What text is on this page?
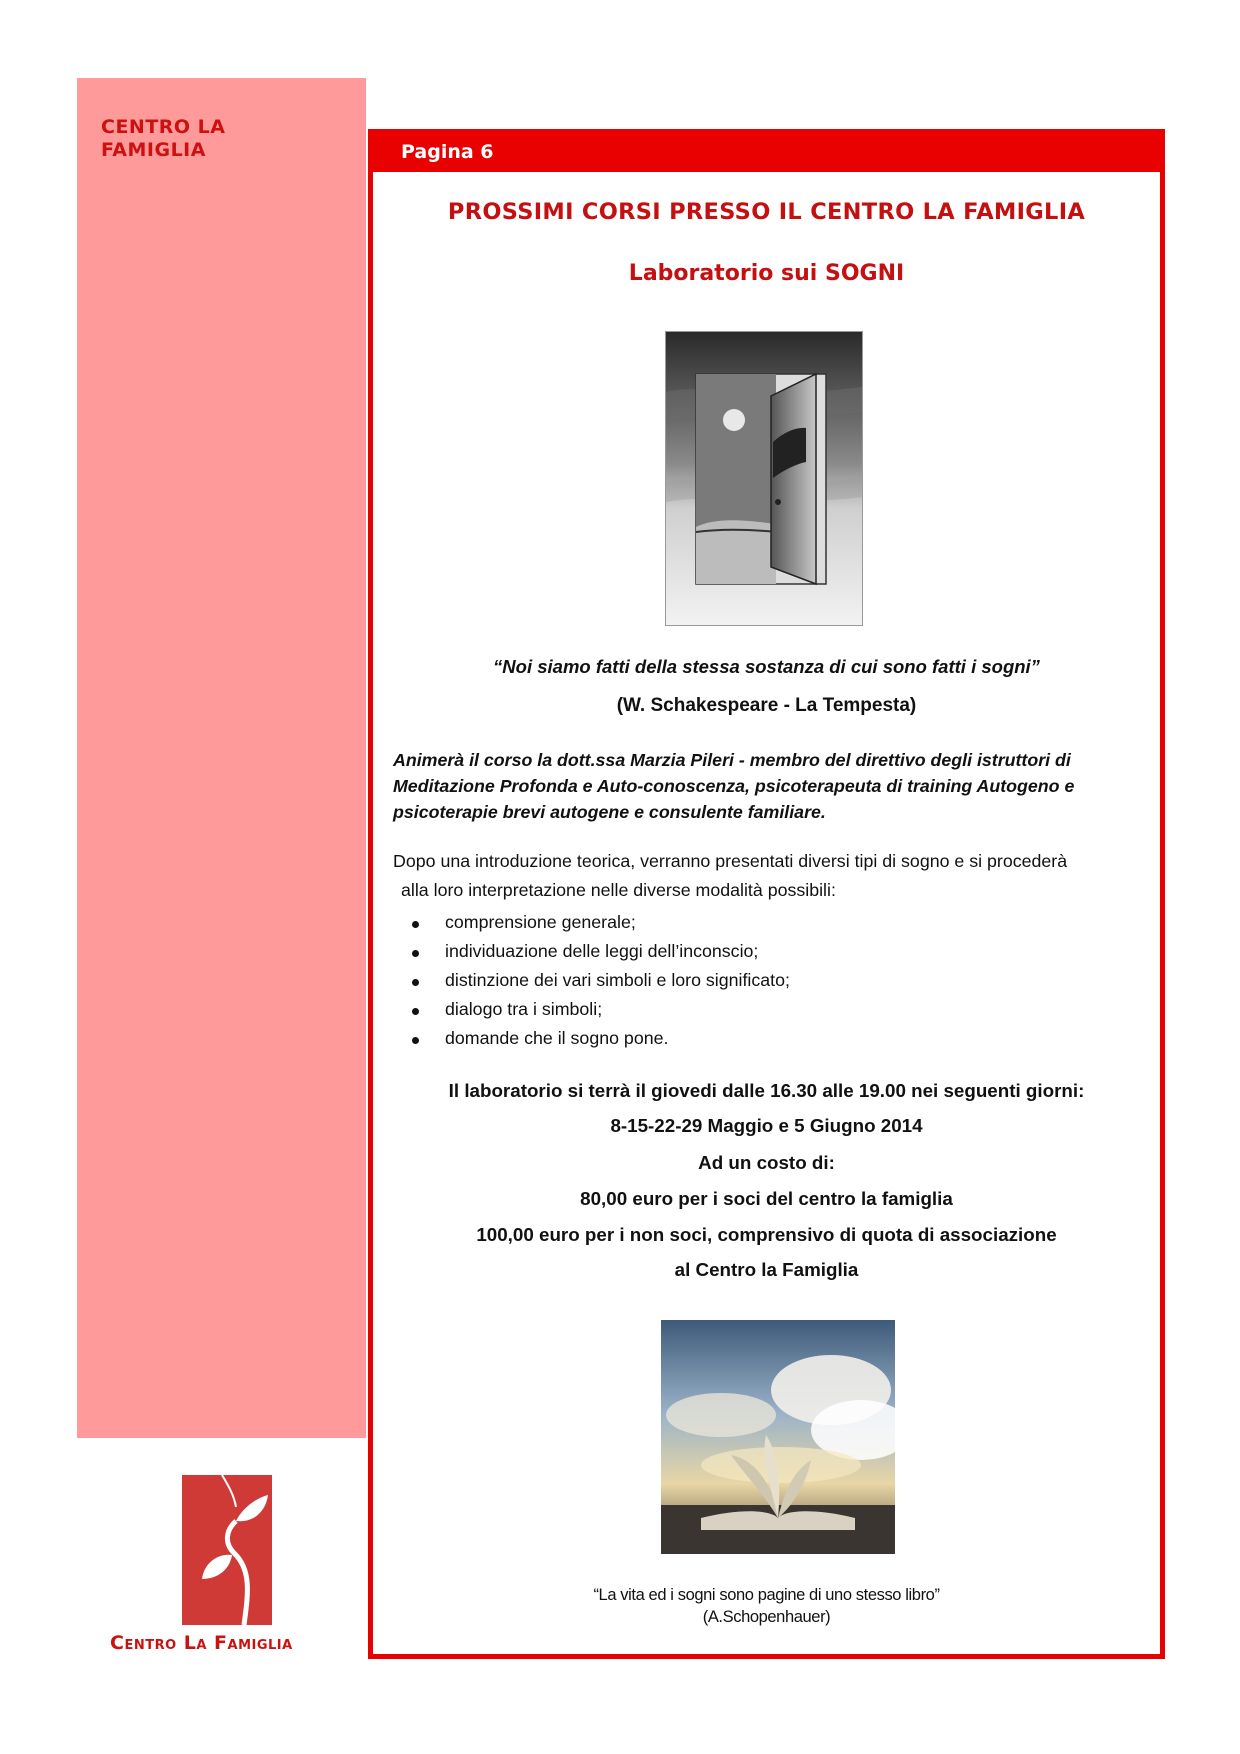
CENTRO LA
FAMIGLIA
Centro La Famiglia
Pagina 6
PROSSIMI CORSI PRESSO IL CENTRO LA FAMIGLIA
Laboratorio sui SOGNI
“Noi siamo fatti della stessa sostanza di cui sono fatti i sogni”
(W. Schakespeare - La Tempesta)
Animerà il corso la dott.ssa Marzia Pileri - membro del direttivo degli istruttori di Meditazione Profonda e Auto-conoscenza, psicoterapeuta di training Autogeno e psicoterapie brevi autogene e consulente familiare.
Dopo una introduzione teorica, verranno presentati diversi tipi di sogno e si procederà
alla loro interpretazione nelle diverse modalità possibili:
comprensione generale;
individuazione delle leggi dell’inconscio;
distinzione dei vari simboli e loro significato;
dialogo tra i simboli;
domande che il sogno pone.
Il laboratorio si terrà il giovedi dalle 16.30 alle 19.00 nei seguenti giorni:
8-15-22-29 Maggio e 5 Giugno 2014
Ad un costo di:
80,00 euro per i soci del centro la famiglia
100,00 euro per i non soci, comprensivo di quota di associazione
al Centro la Famiglia
“La vita ed i sogni sono pagine di uno stesso libro”
(A.Schopenhauer)
